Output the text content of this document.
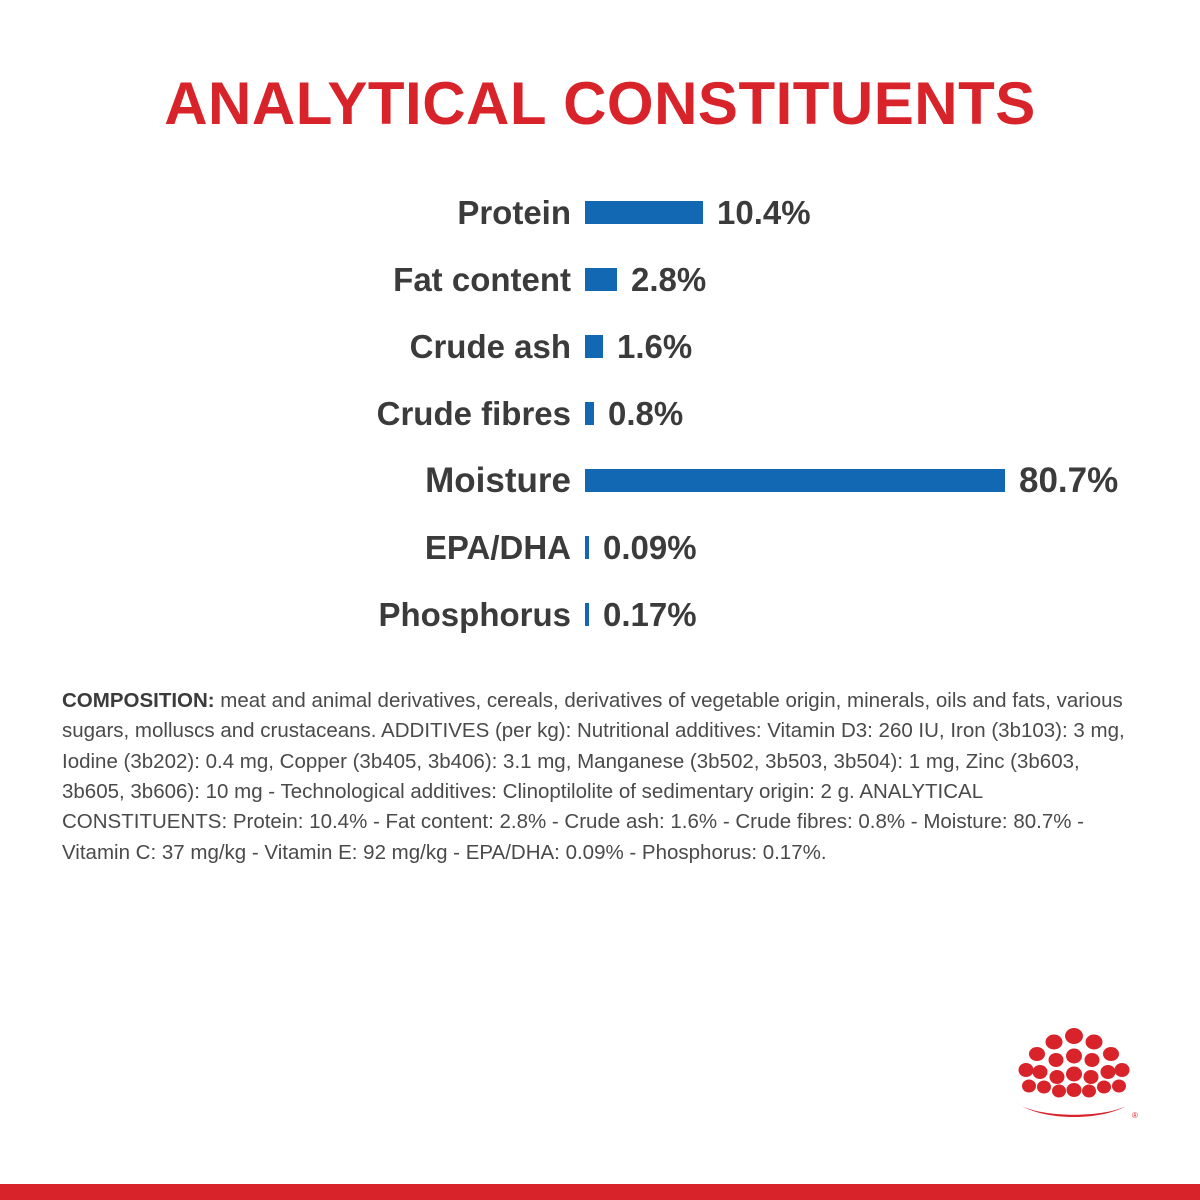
ANALYTICAL CONSTITUENTS
Protein	10.4%
Fat content	2.8%
Crude ash	1.6%
Crude fibres	0.8%
Moisture	80.7%
EPA/DHA 0.09%
Phosphorus 0.17%
COMPOSITION: meat and animal derivatives, cereals, derivatives of vegetable origin, minerals, oils and fats, various sugars, molluscs and crustaceans. ADDITIVES (per kg): Nutritional additives: Vitamin D3: 260 IU, Iron (3b103): 3 mg, Iodine (3b202): 0.4 mg, Copper (3b405, 3b406): 3.1 mg, Manganese (3b502, 3b503, 3b504): 1 mg, Zinc (3b603, 3b605, 3b606): 10 mg - Technological additives: Clinoptilolite of sedimentary origin: 2 g. ANALYTICAL CONSTITUENTS: Protein: 10.4% - Fat content: 2.8% - Crude ash: 1.6% - Crude fibres: 0.8% - Moisture: 80.7% - Vitamin C: 37 mg/kg - Vitamin E: 92 mg/kg - EPA/DHA: 0.09% - Phosphorus: 0.17%.
®
